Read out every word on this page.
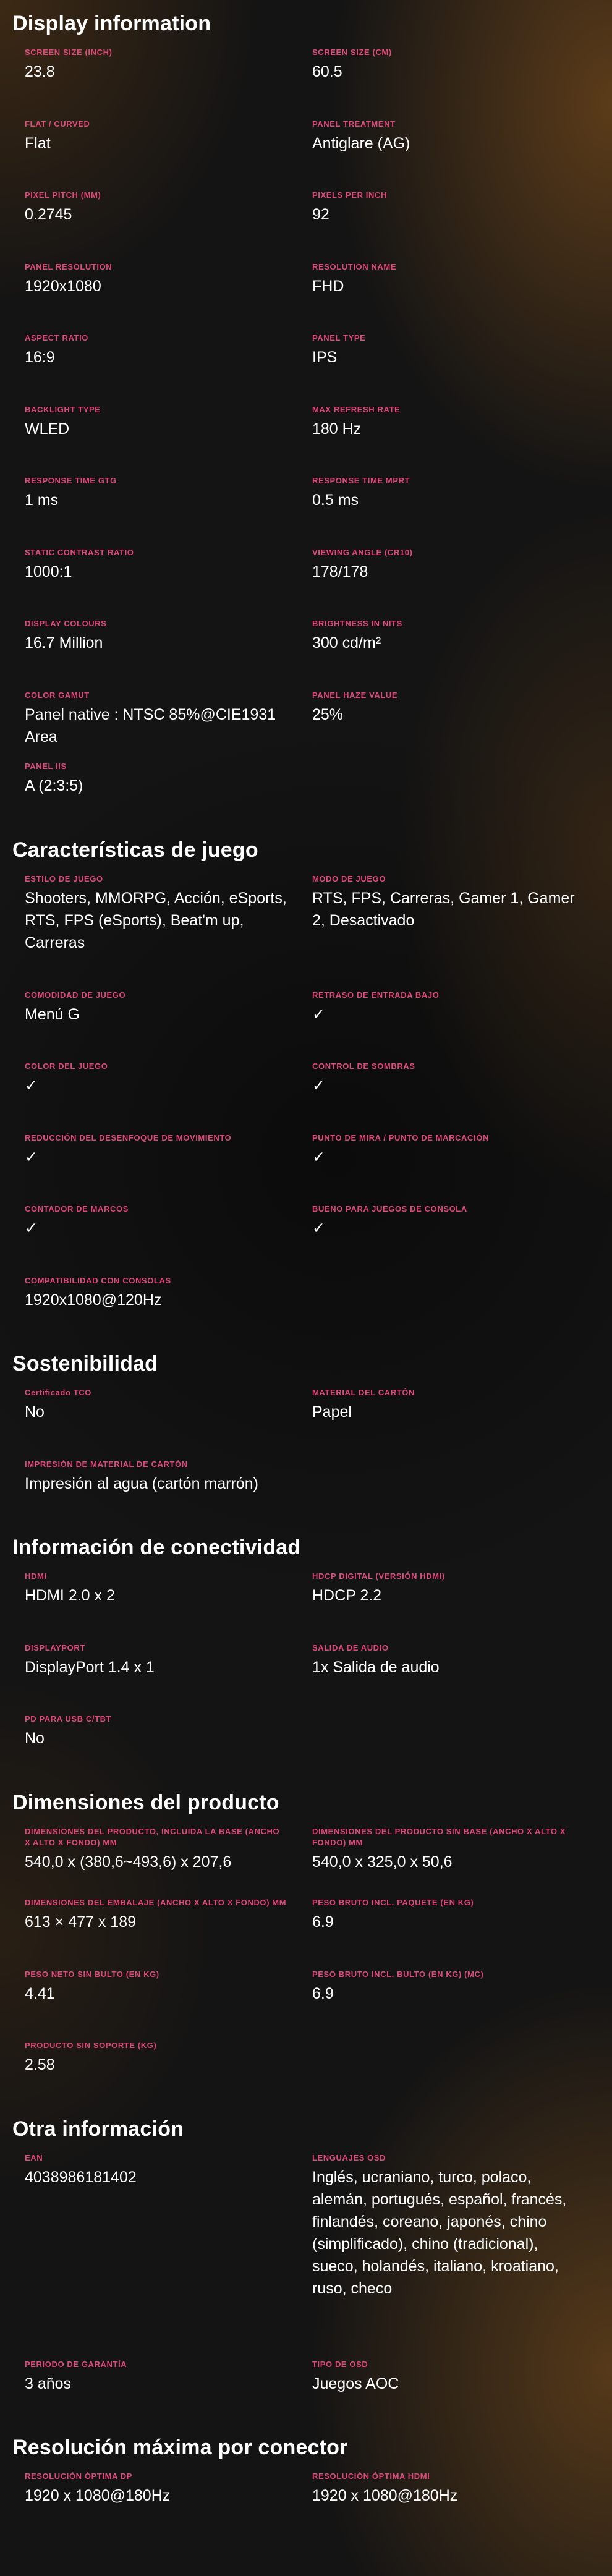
Display information
SCREEN SIZE (INCH)
23.8
SCREEN SIZE (CM)
60.5
FLAT / CURVED
Flat
PANEL TREATMENT
Antiglare (AG)
PIXEL PITCH (MM)
0.2745
PIXELS PER INCH
92
PANEL RESOLUTION
1920x1080
RESOLUTION NAME
FHD
ASPECT RATIO
16:9
PANEL TYPE
IPS
BACKLIGHT TYPE
WLED
MAX REFRESH RATE
180 Hz
RESPONSE TIME GTG
1 ms
RESPONSE TIME MPRT
0.5 ms
STATIC CONTRAST RATIO
1000:1
VIEWING ANGLE (CR10)
178/178
DISPLAY COLOURS
16.7 Million
BRIGHTNESS IN NITS
300 cd/m²
COLOR GAMUT
Panel native : NTSC 85%@CIE1931 Area
PANEL HAZE VALUE
25%
PANEL IIS
A (2:3:5)
Características de juego
ESTILO DE JUEGO
Shooters, MMORPG, Acción, eSports, RTS, FPS (eSports), Beat'm up, Carreras
MODO DE JUEGO
RTS, FPS, Carreras, Gamer 1, Gamer 2, Desactivado
COMODIDAD DE JUEGO
Menú G
RETRASO DE ENTRADA BAJO
✓
COLOR DEL JUEGO
✓
CONTROL DE SOMBRAS
✓
REDUCCIÓN DEL DESENFOQUE DE MOVIMIENTO
✓
PUNTO DE MIRA / PUNTO DE MARCACIÓN
✓
CONTADOR DE MARCOS
✓
BUENO PARA JUEGOS DE CONSOLA
✓
COMPATIBILIDAD CON CONSOLAS
1920x1080@120Hz
Sostenibilidad
Certificado TCO
No
MATERIAL DEL CARTÓN
Papel
IMPRESIÓN DE MATERIAL DE CARTÓN
Impresión al agua (cartón marrón)
Información de conectividad
HDMI
HDMI 2.0 x 2
HDCP DIGITAL (VERSIÓN HDMI)
HDCP 2.2
DISPLAYPORT
DisplayPort 1.4 x 1
SALIDA DE AUDIO
1x Salida de audio
PD PARA USB C/TBT
No
Dimensiones del producto
DIMENSIONES DEL PRODUCTO, INCLUIDA LA BASE (ANCHO X ALTO X FONDO) MM
540,0 x (380,6~493,6) x 207,6
DIMENSIONES DEL PRODUCTO SIN BASE (ANCHO X ALTO X FONDO) MM
540,0 x 325,0 x 50,6
DIMENSIONES DEL EMBALAJE (ANCHO X ALTO X FONDO) MM
613 × 477 x 189
PESO BRUTO INCL. PAQUETE (EN KG)
6.9
PESO NETO SIN BULTO (EN KG)
4.41
PESO BRUTO INCL. BULTO (EN KG) (MC)
6.9
PRODUCTO SIN SOPORTE (KG)
2.58
Otra información
EAN
4038986181402
LENGUAJES OSD
Inglés, ucraniano, turco, polaco, alemán, portugués, español, francés, finlandés, coreano, japonés, chino (simplificado), chino (tradicional), sueco, holandés, italiano, kroatiano, ruso, checo
PERIODO DE GARANTÍA
3 años
TIPO DE OSD
Juegos AOC
Resolución máxima por conector
RESOLUCIÓN ÓPTIMA DP
1920 x 1080@180Hz
RESOLUCIÓN ÓPTIMA HDMI
1920 x 1080@180Hz
